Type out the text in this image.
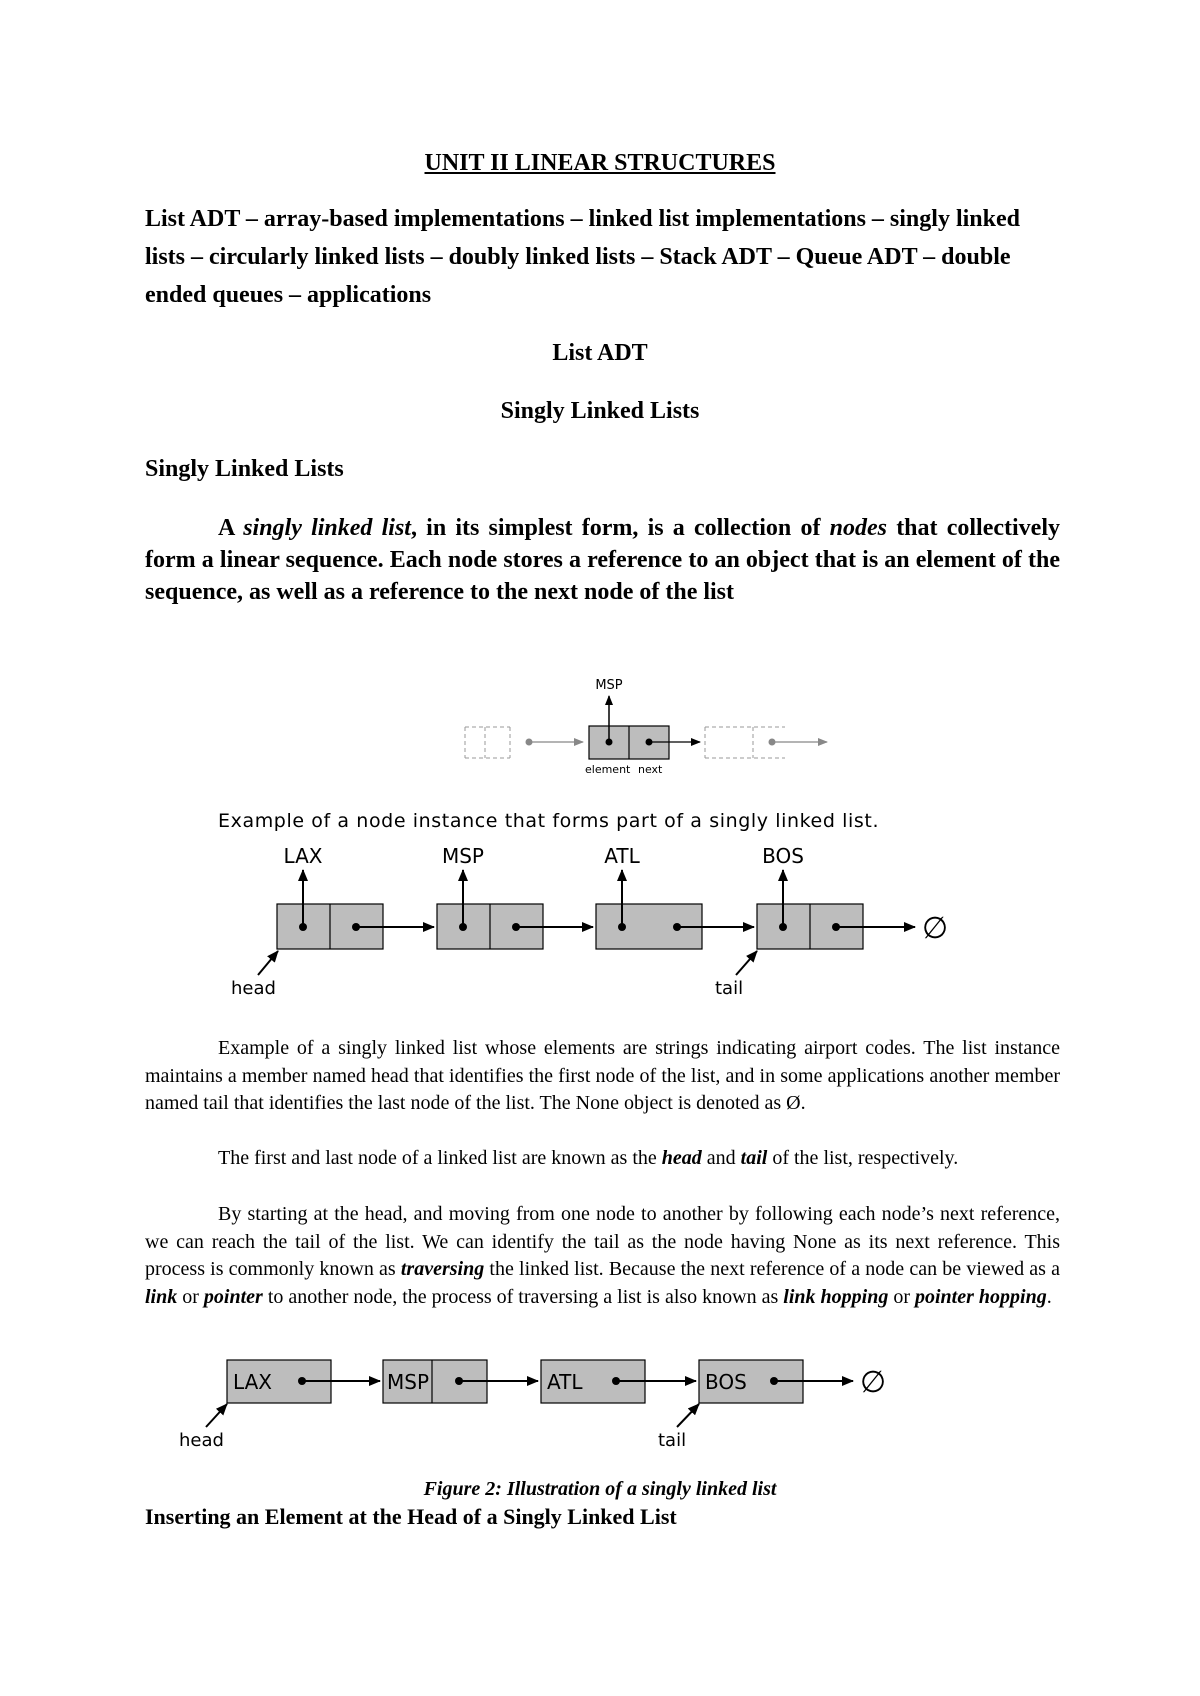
UNIT II LINEAR STRUCTURES
List ADT – array-based implementations – linked list implementations – singly linked lists – circularly linked lists – doubly linked lists – Stack ADT – Queue ADT – double ended queues – applications
List ADT
Singly Linked Lists
Singly Linked Lists
A singly linked list, in its simplest form, is a collection of nodes that collectively form a linear sequence. Each node stores a reference to an object that is an element of the sequence, as well as a reference to the next node of the list
MSP
element next
Example of a node instance that forms part of a singly linked list.
LAX	MSP	ATL	BOS
∅
head	tail
Example of a singly linked list whose elements are strings indicating airport codes. The list instance maintains a member named head that identifies the first node of the list, and in some applications another member named tail that identifies the last node of the list. The None object is denoted as Ø.
The first and last node of a linked list are known as the head and tail of the list, respectively.
By starting at the head, and moving from one node to another by following each node’s next reference, we can reach the tail of the list. We can identify the tail as the node having None as its next reference. This process is commonly known as traversing the linked list. Because the next reference of a node can be viewed as a link or pointer to another node, the process of traversing a list is also known as link hopping or pointer hopping.
LAX	MSP	ATL	BOS	∅
head	tail
Figure 2: Illustration of a singly linked list
Inserting an Element at the Head of a Singly Linked List
